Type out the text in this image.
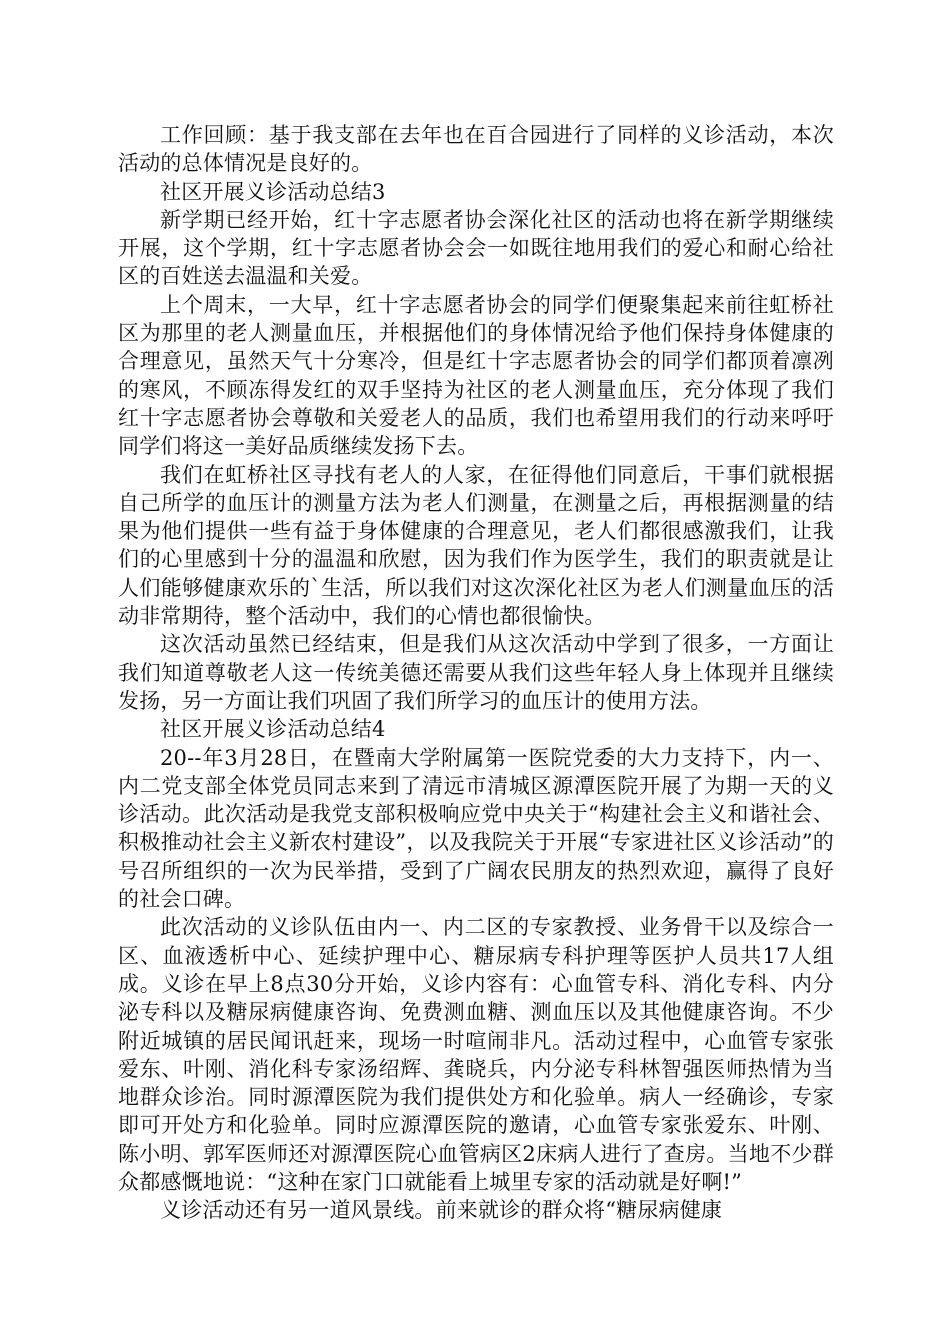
工作回顾：基于我支部在去年也在百合园进行了同样的义诊活动，本次活动的总体情况是良好的。

社区开展义诊活动总结3

新学期已经开始，红十字志愿者协会深化社区的活动也将在新学期继续开展，这个学期，红十字志愿者协会会一如既往地用我们的爱心和耐心给社区的百姓送去温温和关爱。

上个周末，一大早，红十字志愿者协会的同学们便聚集起来前往虹桥社区为那里的老人测量血压，并根据他们的身体情况给予他们保持身体健康的合理意见，虽然天气十分寒冷，但是红十字志愿者协会的同学们都顶着凛冽的寒风，不顾冻得发红的双手坚持为社区的老人测量血压，充分体现了我们红十字志愿者协会尊敬和关爱老人的品质，我们也希望用我们的行动来呼吁同学们将这一美好品质继续发扬下去。

我们在虹桥社区寻找有老人的人家，在征得他们同意后，干事们就根据自己所学的血压计的测量方法为老人们测量，在测量之后，再根据测量的结果为他们提供一些有益于身体健康的合理意见，老人们都很感激我们，让我们的心里感到十分的温温和欣慰，因为我们作为医学生，我们的职责就是让人们能够健康欢乐的`生活，所以我们对这次深化社区为老人们测量血压的活动非常期待，整个活动中，我们的心情也都很愉快。

这次活动虽然已经结束，但是我们从这次活动中学到了很多，一方面让我们知道尊敬老人这一传统美德还需要从我们这些年轻人身上体现并且继续发扬，另一方面让我们巩固了我们所学习的血压计的使用方法。

社区开展义诊活动总结4

20--年3月28日，在暨南大学附属第一医院党委的大力支持下，内一、内二党支部全体党员同志来到了清远市清城区源潭医院开展了为期一天的义诊活动。此次活动是我党支部积极响应党中央关于“构建社会主义和谐社会、积极推动社会主义新农村建设”，以及我院关于开展“专家进社区义诊活动”的号召所组织的一次为民举措，受到了广阔农民朋友的热烈欢迎，赢得了良好的社会口碑。

此次活动的义诊队伍由内一、内二区的专家教授、业务骨干以及综合一区、血液透析中心、延续护理中心、糖尿病专科护理等医护人员共17人组成。义诊在早上8点30分开始，义诊内容有：心血管专科、消化专科、内分泌专科以及糖尿病健康咨询、免费测血糖、测血压以及其他健康咨询。不少附近城镇的居民闻讯赶来，现场一时喧闹非凡。活动过程中，心血管专家张爱东、叶刚、消化科专家汤绍辉、龚晓兵，内分泌专科林智强医师热情为当地群众诊治。同时源潭医院为我们提供处方和化验单。病人一经确诊，专家即可开处方和化验单。同时应源潭医院的邀请，心血管专家张爱东、叶刚、陈小明、郭军医师还对源潭医院心血管病区2床病人进行了查房。当地不少群众都感慨地说：“这种在家门口就能看上城里专家的活动就是好啊!”

义诊活动还有另一道风景线。前来就诊的群众将“糖尿病健康
